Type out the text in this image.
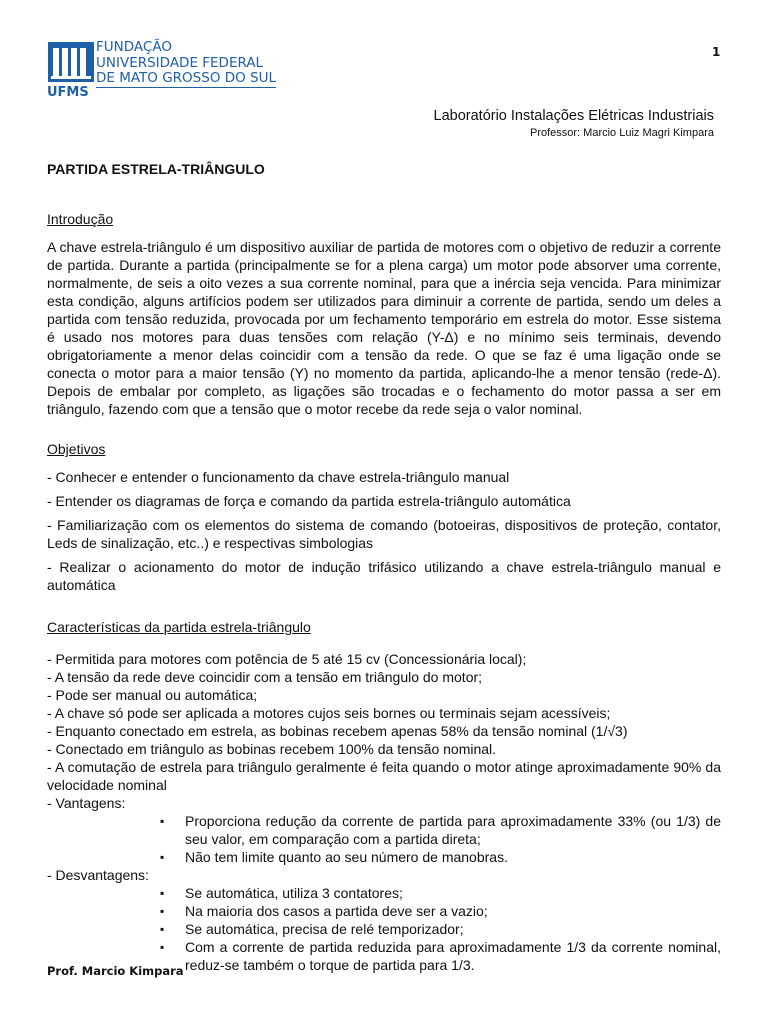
UFMS
FUNDAÇÃO
UNIVERSIDADE FEDERAL
DE MATO GROSSO DO SUL
1
Laboratório Instalações Elétricas Industriais
Professor: Marcio Luiz Magri Kimpara
PARTIDA ESTRELA-TRIÂNGULO
Introdução
A chave estrela-triângulo é um dispositivo auxiliar de partida de motores com o objetivo de reduzir a corrente de partida. Durante a partida (principalmente se for a plena carga) um motor pode absorver uma corrente, normalmente, de seis a oito vezes a sua corrente nominal, para que a inércia seja vencida. Para minimizar esta condição, alguns artifícios podem ser utilizados para diminuir a corrente de partida, sendo um deles a partida com tensão reduzida, provocada por um fechamento temporário em estrela do motor. Esse sistema é usado nos motores para duas tensões com relação (Y-Δ) e no mínimo seis terminais, devendo obrigatoriamente a menor delas coincidir com a tensão da rede. O que se faz é uma ligação onde se conecta o motor para a maior tensão (Y) no momento da partida, aplicando-lhe a menor tensão (rede-Δ). Depois de embalar por completo, as ligações são trocadas e o fechamento do motor passa a ser em triângulo, fazendo com que a tensão que o motor recebe da rede seja o valor nominal.
Objetivos
- Conhecer e entender o funcionamento da chave estrela-triângulo manual
- Entender os diagramas de força e comando da partida estrela-triângulo automática
- Familiarização com os elementos do sistema de comando (botoeiras, dispositivos de proteção, contator, Leds de sinalização, etc..) e respectivas simbologias
- Realizar o acionamento do motor de indução trifásico utilizando a chave estrela-triângulo manual e automática
Características da partida estrela-triângulo
- Permitida para motores com potência de 5 até 15 cv (Concessionária local);
- A tensão da rede deve coincidir com a tensão em triângulo do motor;
- Pode ser manual ou automática;
- A chave só pode ser aplicada a motores cujos seis bornes ou terminais sejam acessíveis;
- Enquanto conectado em estrela, as bobinas recebem apenas 58% da tensão nominal (1/√3)
- Conectado em triângulo as bobinas recebem 100% da tensão nominal.
- A comutação de estrela para triângulo geralmente é feita quando o motor atinge aproximadamente 90% da velocidade nominal
- Vantagens:
▪ Proporciona redução da corrente de partida para aproximadamente 33% (ou 1/3) de seu valor, em comparação com a partida direta;
▪ Não tem limite quanto ao seu número de manobras.
- Desvantagens:
▪ Se automática, utiliza 3 contatores;
▪ Na maioria dos casos a partida deve ser a vazio;
▪ Se automática, precisa de relé temporizador;
▪ Com a corrente de partida reduzida para aproximadamente 1/3 da corrente nominal, reduz-se também o torque de partida para 1/3.
Prof. Marcio Kimpara
